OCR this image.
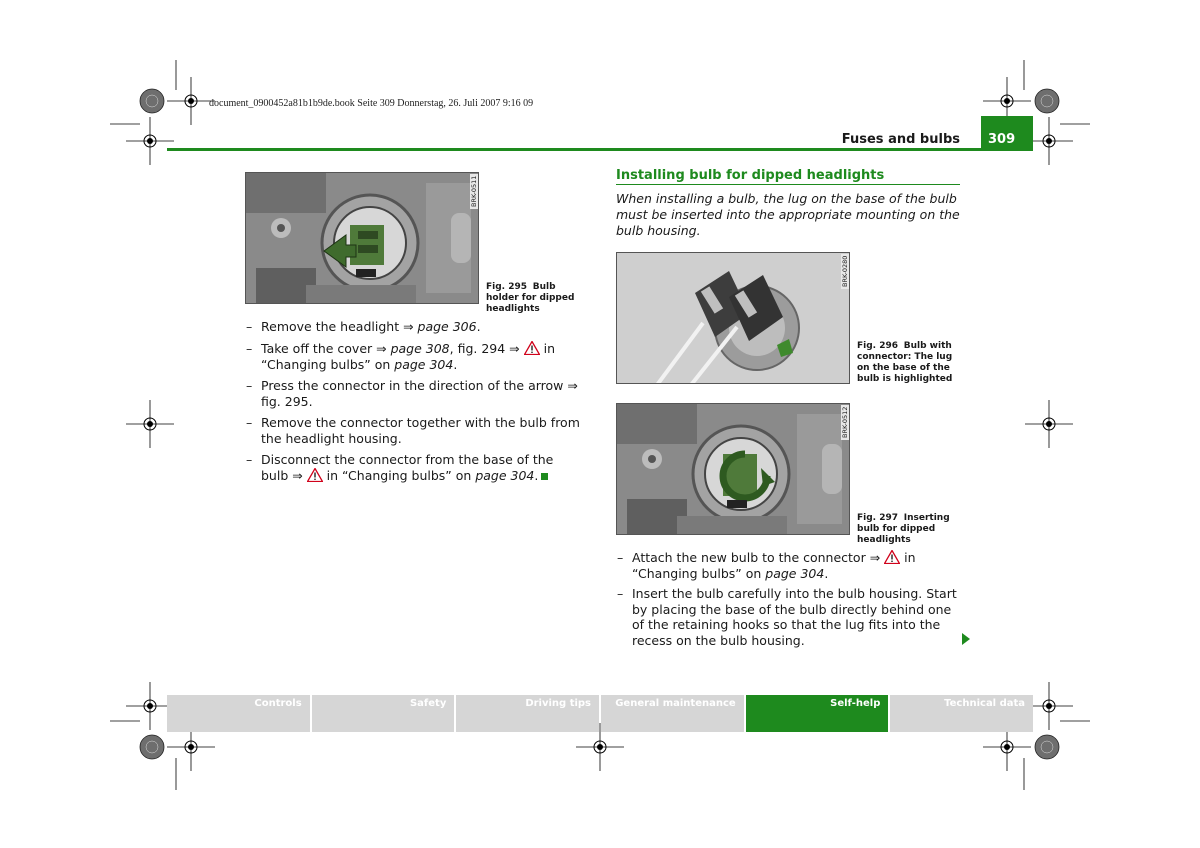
document_0900452a81b1b9de.book Seite 309 Donnerstag, 26. Juli 2007 9:16 09
Fuses and bulbs	309
BRK-0511
Fig. 295 Bulb holder for dipped headlights
– Remove the headlight ⇒ page 306.
– Take off the cover ⇒ page 308, fig. 294 ⇒  in “Changing bulbs” on page 304.
– Press the connector in the direction of the arrow ⇒ fig. 295.
– Remove the connector together with the bulb from the headlight housing.
– Disconnect the connector from the base of the bulb ⇒  in “Changing bulbs” on page 304.
Installing bulb for dipped headlights
When installing a bulb, the lug on the base of the bulb must be inserted into the appropriate mounting on the bulb housing.
BRK-0280
Fig. 296 Bulb with connector: The lug on the base of the bulb is highlighted
BRK-0512
Fig. 297 Inserting bulb for dipped headlights
– Attach the new bulb to the connector ⇒  in “Changing bulbs” on page 304.
– Insert the bulb carefully into the bulb housing. Start by placing the base of the bulb directly behind one of the retaining hooks so that the lug fits into the recess on the bulb housing.
Controls	Safety	Driving tips	General maintenance	Self-help	Technical data
